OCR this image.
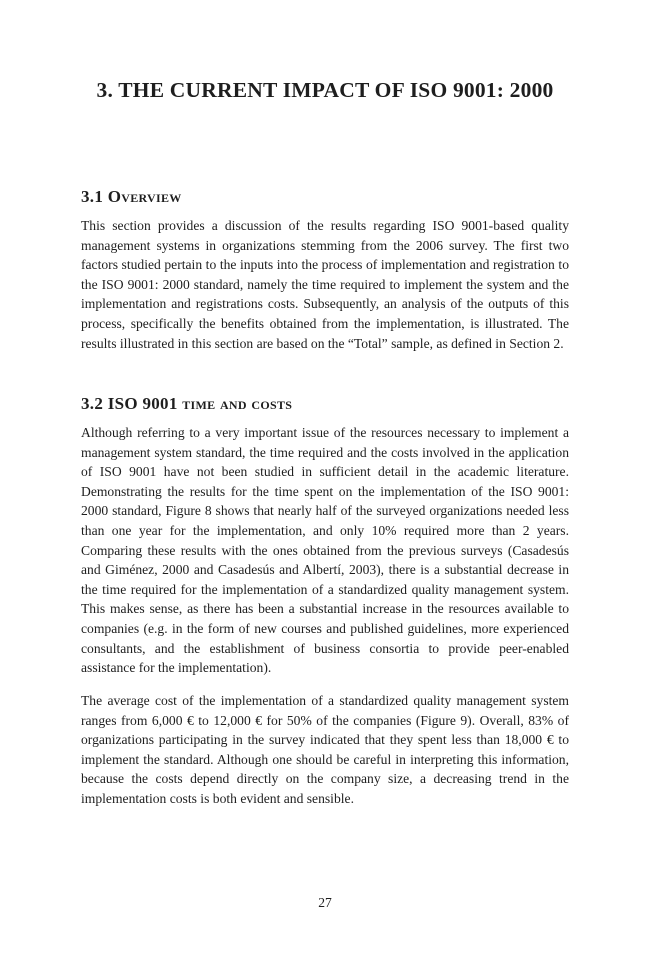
3. THE CURRENT IMPACT OF ISO 9001: 2000
3.1 Overview

This section provides a discussion of the results regarding ISO 9001-based quality management systems in organizations stemming from the 2006 survey. The first two factors studied pertain to the inputs into the process of implementation and registration to the ISO 9001: 2000 standard, namely the time required to implement the system and the implementation and registrations costs. Subsequently, an analysis of the outputs of this process, specifically the benefits obtained from the implementation, is illustrated. The results illustrated in this section are based on the “Total” sample, as defined in Section 2.

3.2 ISO 9001 time and costs

Although referring to a very important issue of the resources necessary to implement a management system standard, the time required and the costs involved in the application of ISO 9001 have not been studied in sufficient detail in the academic literature. Demonstrating the results for the time spent on the implementation of the ISO 9001: 2000 standard, Figure 8 shows that nearly half of the surveyed organizations needed less than one year for the implementation, and only 10% required more than 2 years. Comparing these results with the ones obtained from the previous surveys (Casadesús and Giménez, 2000 and Casadesús and Albertí, 2003), there is a substantial decrease in the time required for the implementation of a standardized quality management system. This makes sense, as there has been a substantial increase in the resources available to companies (e.g. in the form of new courses and published guidelines, more experienced consultants, and the establishment of business consortia to provide peer-enabled assistance for the implementation).

The average cost of the implementation of a standardized quality management system ranges from 6,000 € to 12,000 € for 50% of the companies (Figure 9). Overall, 83% of organizations participating in the survey indicated that they spent less than 18,000 € to implement the standard. Although one should be careful in interpreting this information, because the costs depend directly on the company size, a decreasing trend in the implementation costs is both evident and sensible.

27
